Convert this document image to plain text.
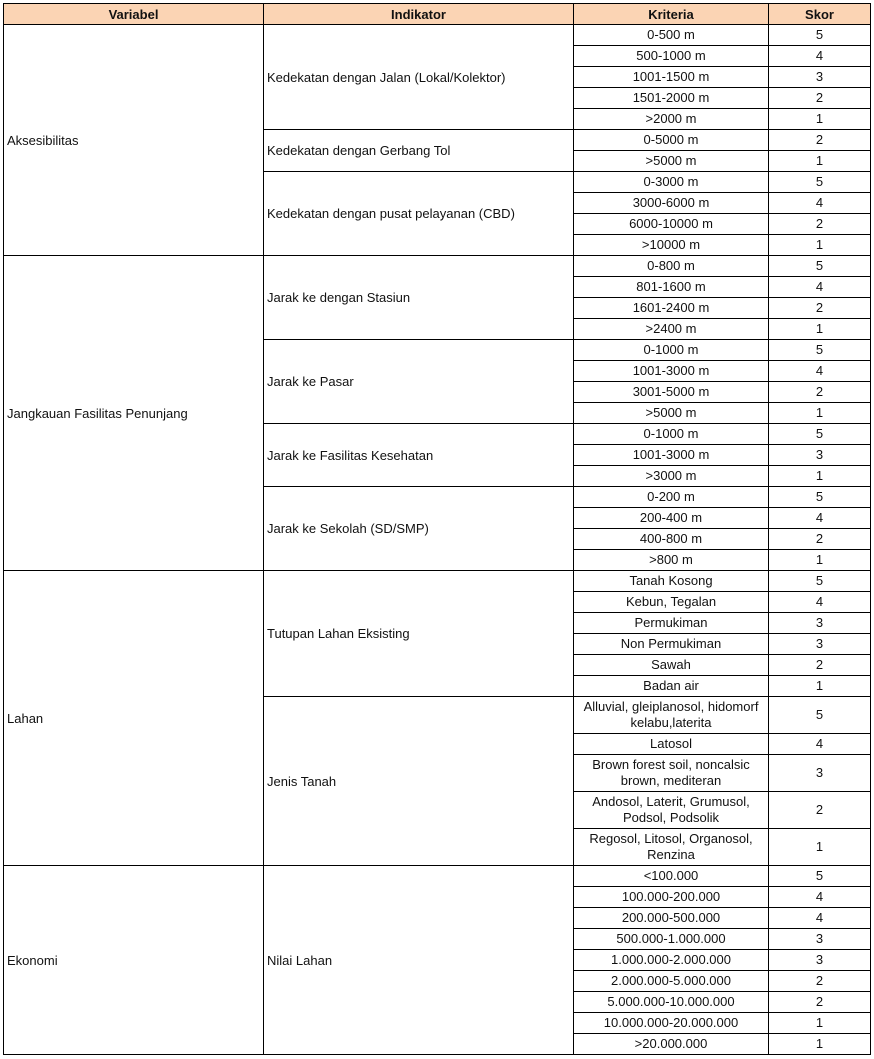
Variabel	Indikator	Kriteria	Skor
Aksesibilitas	Kedekatan dengan Jalan (Lokal/Kolektor)	0-500 m	5
		500-1000 m	4
		1001-1500 m	3
		1501-2000 m	2
		>2000 m	1
	Kedekatan dengan Gerbang Tol	0-5000 m	2
		>5000 m	1
	Kedekatan dengan pusat pelayanan (CBD)	0-3000 m	5
		3000-6000 m	4
		6000-10000 m	2
		>10000 m	1
Jangkauan Fasilitas Penunjang	Jarak ke dengan Stasiun	0-800 m	5
		801-1600 m	4
		1601-2400 m	2
		>2400 m	1
	Jarak ke Pasar	0-1000 m	5
		1001-3000 m	4
		3001-5000 m	2
		>5000 m	1
	Jarak ke Fasilitas Kesehatan	0-1000 m	5
		1001-3000 m	3
		>3000 m	1
	Jarak ke Sekolah (SD/SMP)	0-200 m	5
		200-400 m	4
		400-800 m	2
		>800 m	1
Lahan	Tutupan Lahan Eksisting	Tanah Kosong	5
		Kebun, Tegalan	4
		Permukiman	3
		Non Permukiman	3
		Sawah	2
		Badan air	1
	Jenis Tanah	Alluvial, gleiplanosol, hidomorf kelabu,laterita	5
		Latosol	4
		Brown forest soil, noncalsic brown, mediteran	3
		Andosol, Laterit, Grumusol, Podsol, Podsolik	2
		Regosol, Litosol, Organosol, Renzina	1
Ekonomi	Nilai Lahan	<100.000	5
		100.000-200.000	4
		200.000-500.000	4
		500.000-1.000.000	3
		1.000.000-2.000.000	3
		2.000.000-5.000.000	2
		5.000.000-10.000.000	2
		10.000.000-20.000.000	1
		>20.000.000	1
